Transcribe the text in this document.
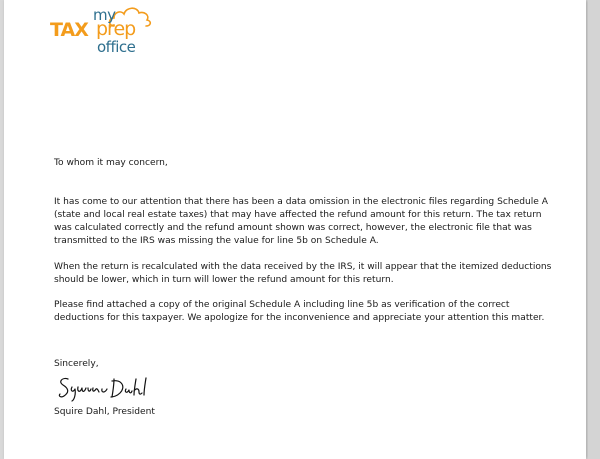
my
TAX prep
office
To whom it may concern,
It has come to our attention that there has been a data omission in the electronic files regarding Schedule A (state and local real estate taxes) that may have affected the refund amount for this return. The tax return was calculated correctly and the refund amount shown was correct, however, the electronic file that was transmitted to the IRS was missing the value for line 5b on Schedule A.
When the return is recalculated with the data received by the IRS, it will appear that the itemized deductions should be lower, which in turn will lower the refund amount for this return.
Please find attached a copy of the original Schedule A including line 5b as verification of the correct deductions for this taxpayer. We apologize for the inconvenience and appreciate your attention this matter.
Sincerely,
Squire Dahl, President
